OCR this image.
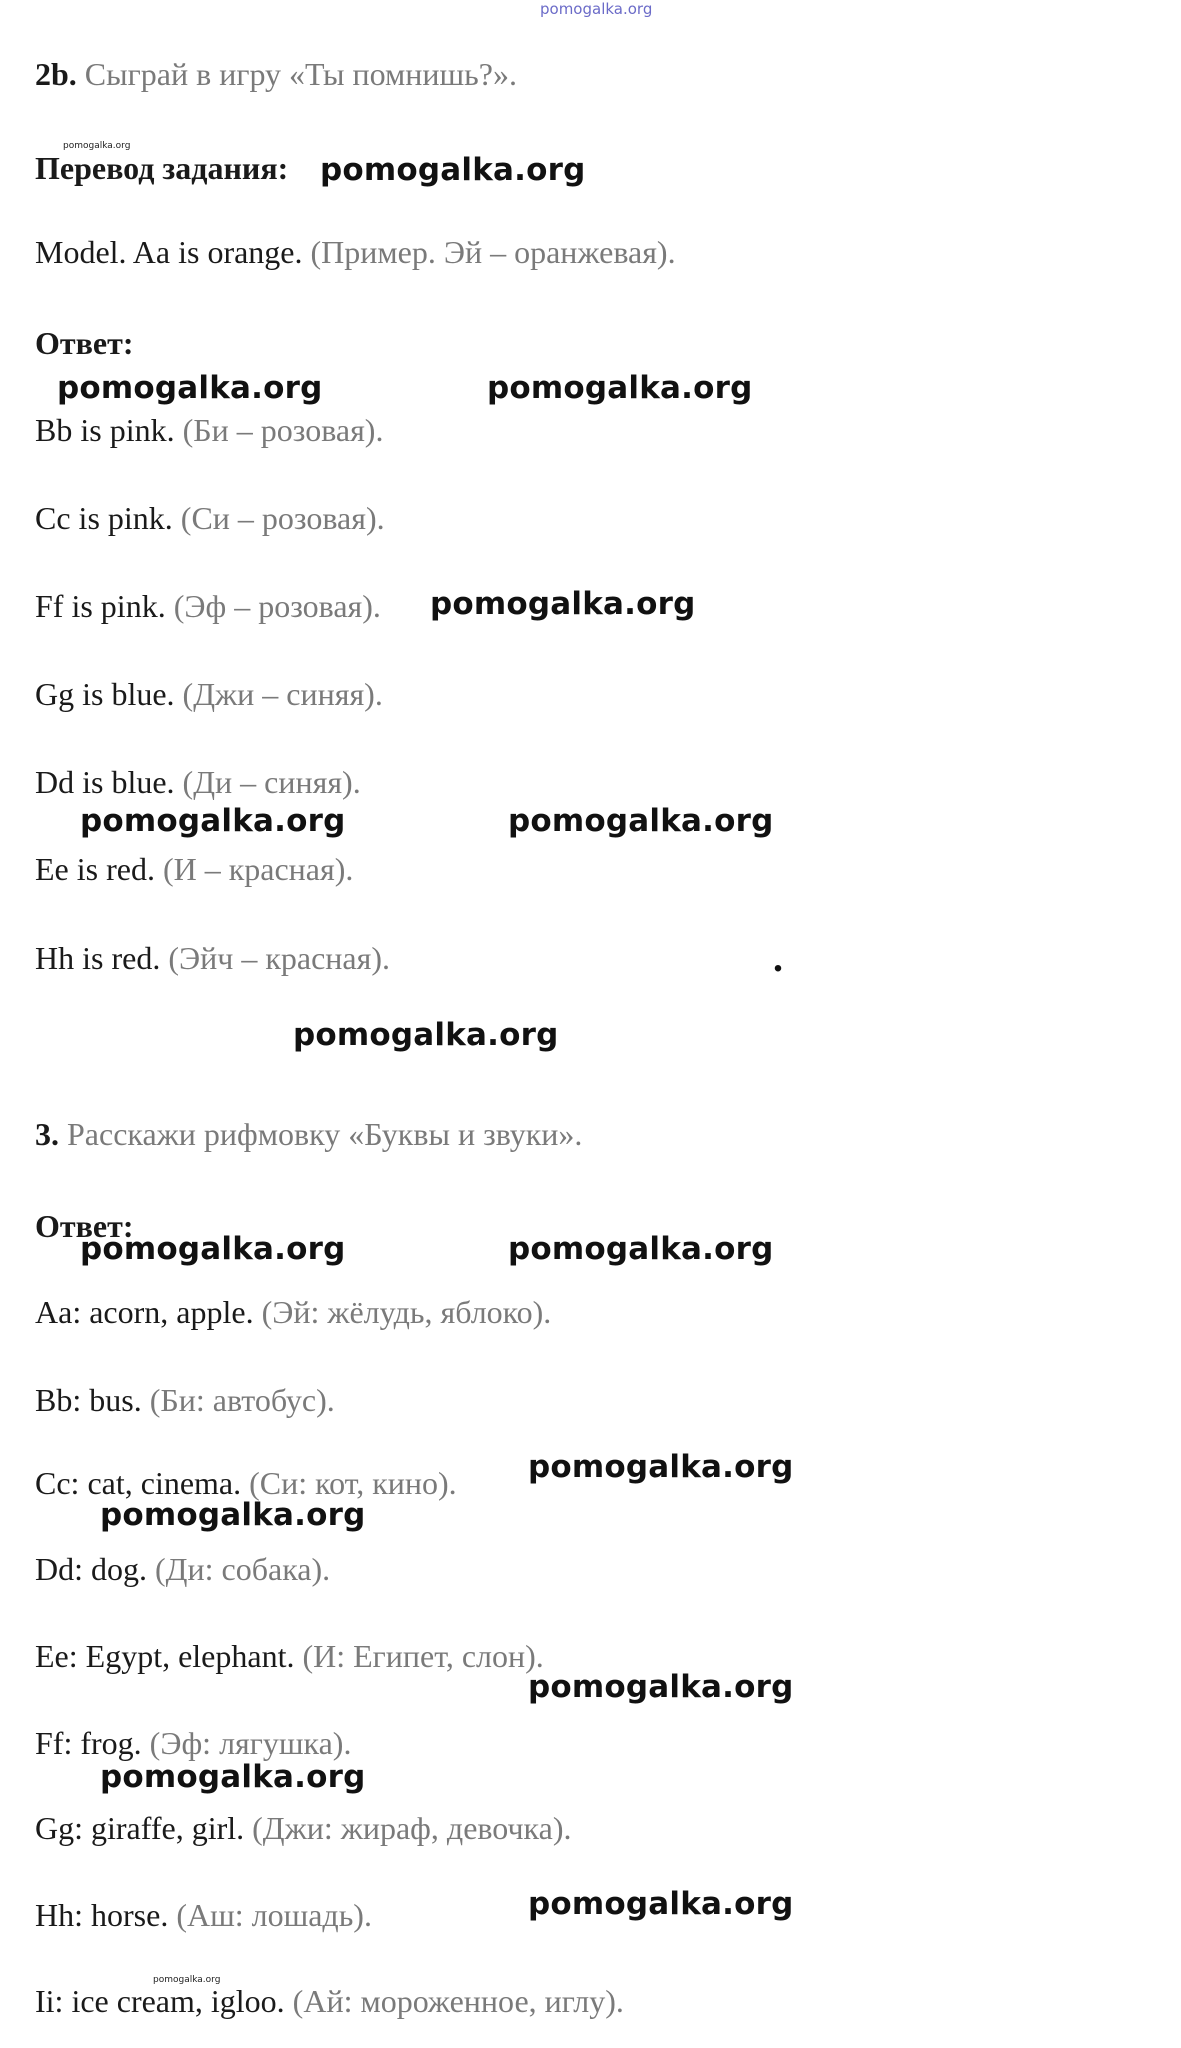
pomogalka.org
2b. Сыграй в игру «Ты помнишь?».
pomogalka.org
Перевод задания: pomogalka.org
Model. Aa is orange. (Пример. Эй – оранжевая).
Ответ:
pomogalka.org	pomogalka.org
Bb is pink. (Би – розовая).
Cc is pink. (Си – розовая).
Ff is pink. (Эф – розовая). pomogalka.org
Gg is blue. (Джи – синяя).
Dd is blue. (Ди – синяя).
pomogalka.org	pomogalka.org
Ee is red. (И – красная).
Hh is red. (Эйч – красная).	.
pomogalka.org
3. Расскажи рифмовку «Буквы и звуки».
Ответ:
pomogalka.org	pomogalka.org
Aa: acorn, apple. (Эй: жёлудь, яблоко).
Bb: bus. (Би: автобус).
Cc: cat, cinema. (Си: кот, кино). pomogalka.org
pomogalka.org
Dd: dog. (Ди: собака).
Ee: Egypt, elephant. (И: Египет, слон).
pomogalka.org
Ff: frog. (Эф: лягушка).
pomogalka.org
Gg: giraffe, girl. (Джи: жираф, девочка).
Hh: horse. (Аш: лошадь).	pomogalka.org
pomogalka.org
Ii: ice cream, igloo. (Ай: мороженное, иглу).
